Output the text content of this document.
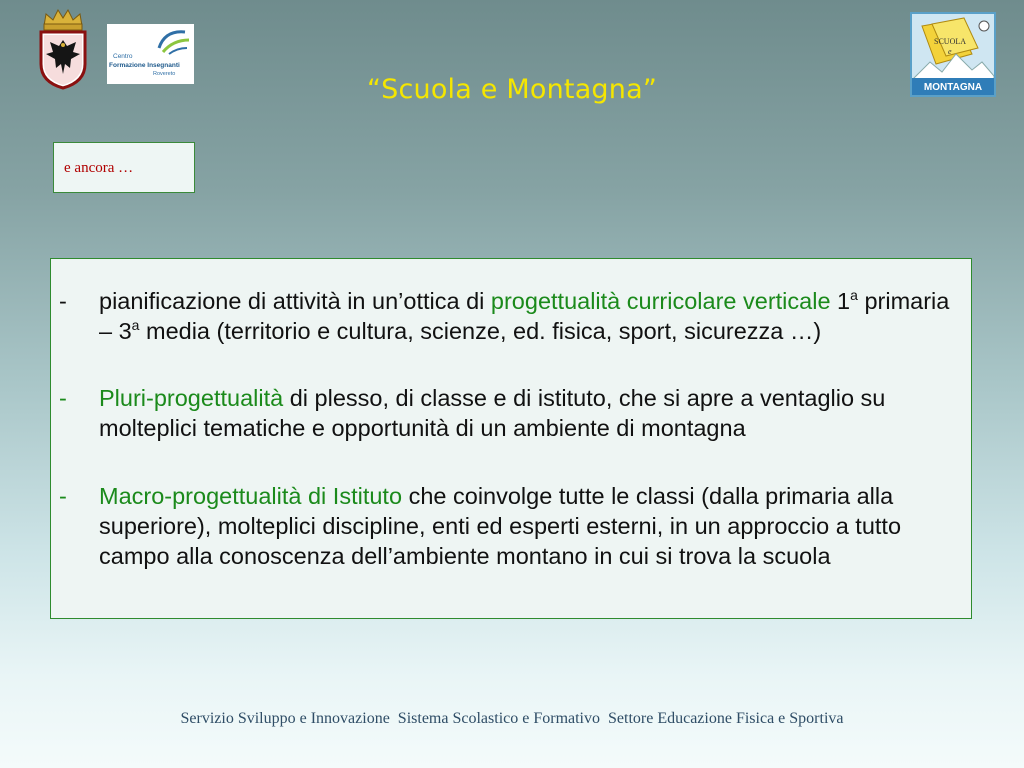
Centro
Formazione Insegnanti
Rovereto	“Scuola e Montagna”
SCUOLA
e
MONTAGNA
e ancora …
- pianificazione di attività in un’ottica di progettualità curricolare verticale 1$^a$ primaria – 3$^a$ media (territorio e cultura, scienze, ed. fisica, sport, sicurezza …)
- Pluri-progettualità di plesso, di classe e di istituto, che si apre a ventaglio su molteplici tematiche e opportunità di un ambiente di montagna
- Macro-progettualità di Istituto che coinvolge tutte le classi (dalla primaria alla superiore), molteplici discipline, enti ed esperti esterni, in un approccio a tutto campo alla conoscenza dell’ambiente montano in cui si trova la scuola
Servizio Sviluppo e Innovazione  Sistema Scolastico e Formativo  Settore Educazione Fisica e Sportiva
